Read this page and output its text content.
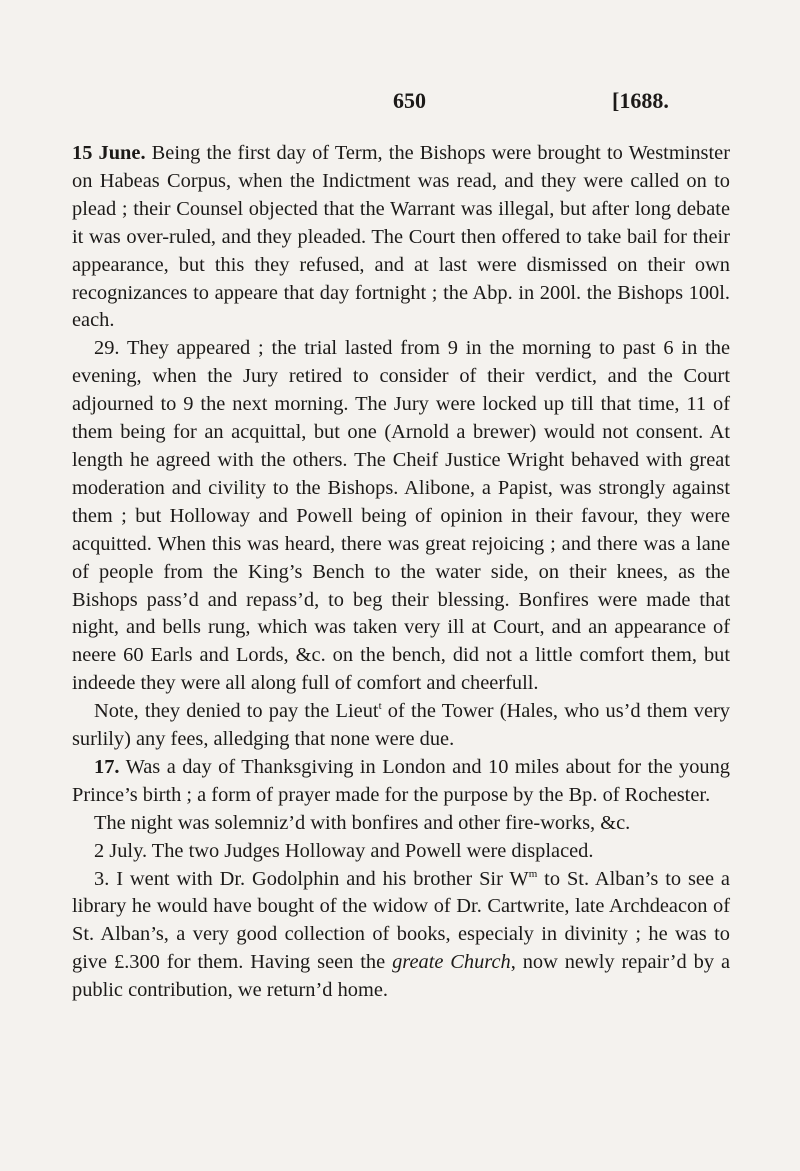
650	[1688.

15 June. Being the first day of Term, the Bishops were brought to Westminster on Habeas Corpus, when the Indictment was read, and they were called on to plead ; their Counsel objected that the Warrant was illegal, but after long debate it was over-ruled, and they pleaded. The Court then offered to take bail for their appearance, but this they refused, and at last were dismissed on their own recognizances to appeare that day fortnight ; the Abp. in 200l. the Bishops 100l. each.

29. They appeared ; the trial lasted from 9 in the morning to past 6 in the evening, when the Jury retired to consider of their verdict, and the Court adjourned to 9 the next morning. The Jury were locked up till that time, 11 of them being for an acquittal, but one (Arnold a brewer) would not consent. At length he agreed with the others. The Cheif Justice Wright behaved with great moderation and civility to the Bishops. Alibone, a Papist, was strongly against them ; but Holloway and Powell being of opinion in their favour, they were acquitted. When this was heard, there was great rejoicing ; and there was a lane of people from the King’s Bench to the water side, on their knees, as the Bishops pass’d and repass’d, to beg their blessing. Bonfires were made that night, and bells rung, which was taken very ill at Court, and an appearance of neere 60 Earls and Lords, &c. on the bench, did not a little comfort them, but indeede they were all along full of comfort and cheerfull.

Note, they denied to pay the Lieut$^t$ of the Tower (Hales, who us’d them very surlily) any fees, alledging that none were due.

17. Was a day of Thanksgiving in London and 10 miles about for the young Prince’s birth ; a form of prayer made for the purpose by the Bp. of Rochester.

The night was solemniz’d with bonfires and other fire-works, &c.

2 July. The two Judges Holloway and Powell were displaced.

3. I went with Dr. Godolphin and his brother Sir $W^m$ to St. Alban’s to see a library he would have bought of the widow of Dr. Cartwrite, late Archdeacon of St. Alban’s, a very good collection of books, especialy in divinity ; he was to give £.300 for them. Having seen the greate Church, now newly repair’d by a public contribution, we return’d home.
